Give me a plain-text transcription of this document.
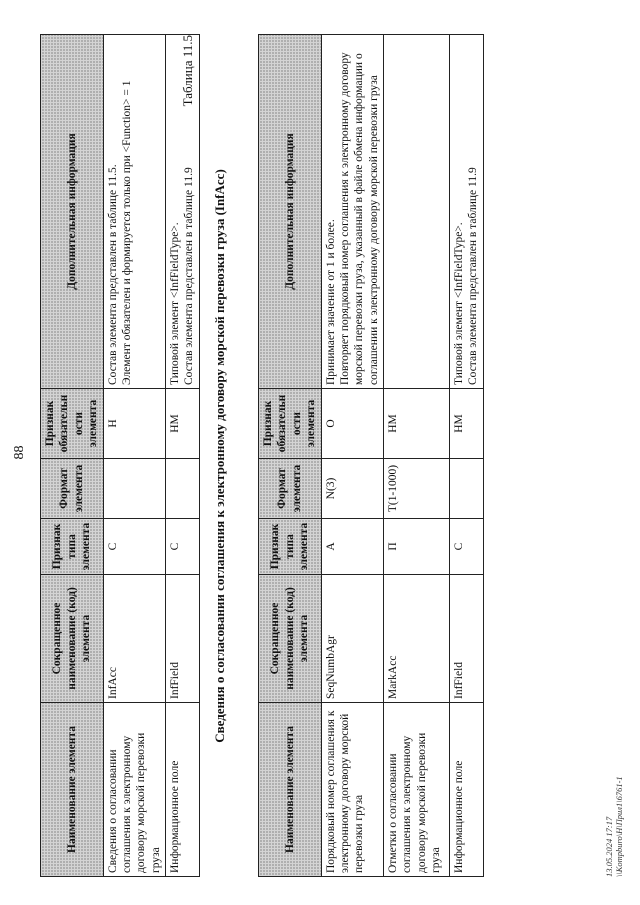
88
Наименование элемента	Сокращенное наименование (код) элемента	Признак типа элемента	Формат элемента	Признак обязательности элемента	Дополнительная информация
Сведения о согласовании соглашения к электронному договору морской перевозки груза	InfAcc	С		Н	Состав элемента представлен в таблице 11.5. Элемент обязателен и формируется только при <Function> = 1

Информационное поле	InfField	С		НМ	Типовой элемент <InfFieldType>. Состав элемента представлен в таблице 11.9
Таблица 11.5
Сведения о согласовании соглашения к электронному договору морской перевозки груза (InfAcc)
Наименование элемента	Сокращенное наименование (код) элемента	Признак типа элемента	Формат элемента	Признак обязательности элемента	Дополнительная информация
Порядковый номер соглашения к электронному договору морской перевозки груза	SeqNumbAgr	А	N(3)	О	Принимает значение от 1 и более. Повторяет порядковый номер соглашения к электронному договору морской перевозки груза, указанный в файле обмена информации о соглашении к электронному договору морской перевозки груза

Отметки о согласовании соглашения к электронному договору морской перевозки груза	MarkAcc	П	T(1-1000)	НМ	

Информационное поле	InfField	С		НМ	Типовой элемент <InfFieldType>. Состав элемента представлен в таблице 11.9
13.05.2024 17:17 \\Kompburo\Н\Прил1\6761-1
